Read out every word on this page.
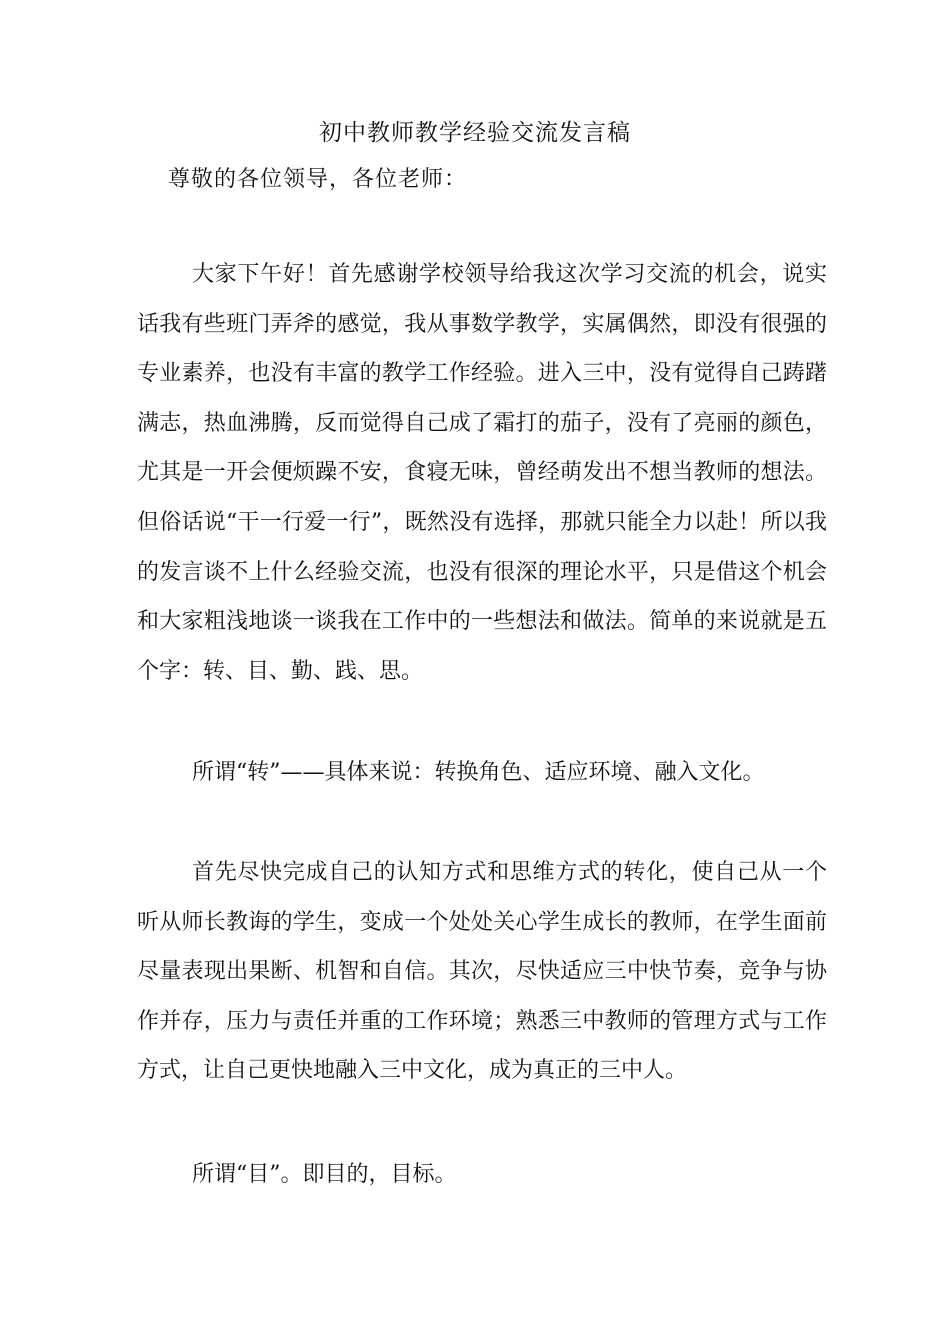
初中教师教学经验交流发言稿
尊敬的各位领导，各位老师：

大家下午好！首先感谢学校领导给我这次学习交流的机会，说实话我有些班门弄斧的感觉，我从事数学教学，实属偶然，即没有很强的专业素养，也没有丰富的教学工作经验。进入三中，没有觉得自己踌躇满志，热血沸腾，反而觉得自己成了霜打的茄子，没有了亮丽的颜色，尤其是一开会便烦躁不安，食寝无味，曾经萌发出不想当教师的想法。但俗话说“干一行爱一行”，既然没有选择，那就只能全力以赴！所以我的发言谈不上什么经验交流，也没有很深的理论水平，只是借这个机会和大家粗浅地谈一谈我在工作中的一些想法和做法。简单的来说就是五个字：转、目、勤、践、思。

所谓“转”——具体来说：转换角色、适应环境、融入文化。

首先尽快完成自己的认知方式和思维方式的转化，使自己从一个听从师长教诲的学生，变成一个处处关心学生成长的教师，在学生面前尽量表现出果断、机智和自信。其次，尽快适应三中快节奏，竞争与协作并存，压力与责任并重的工作环境；熟悉三中教师的管理方式与工作方式，让自己更快地融入三中文化，成为真正的三中人。

所谓“目”。即目的，目标。
